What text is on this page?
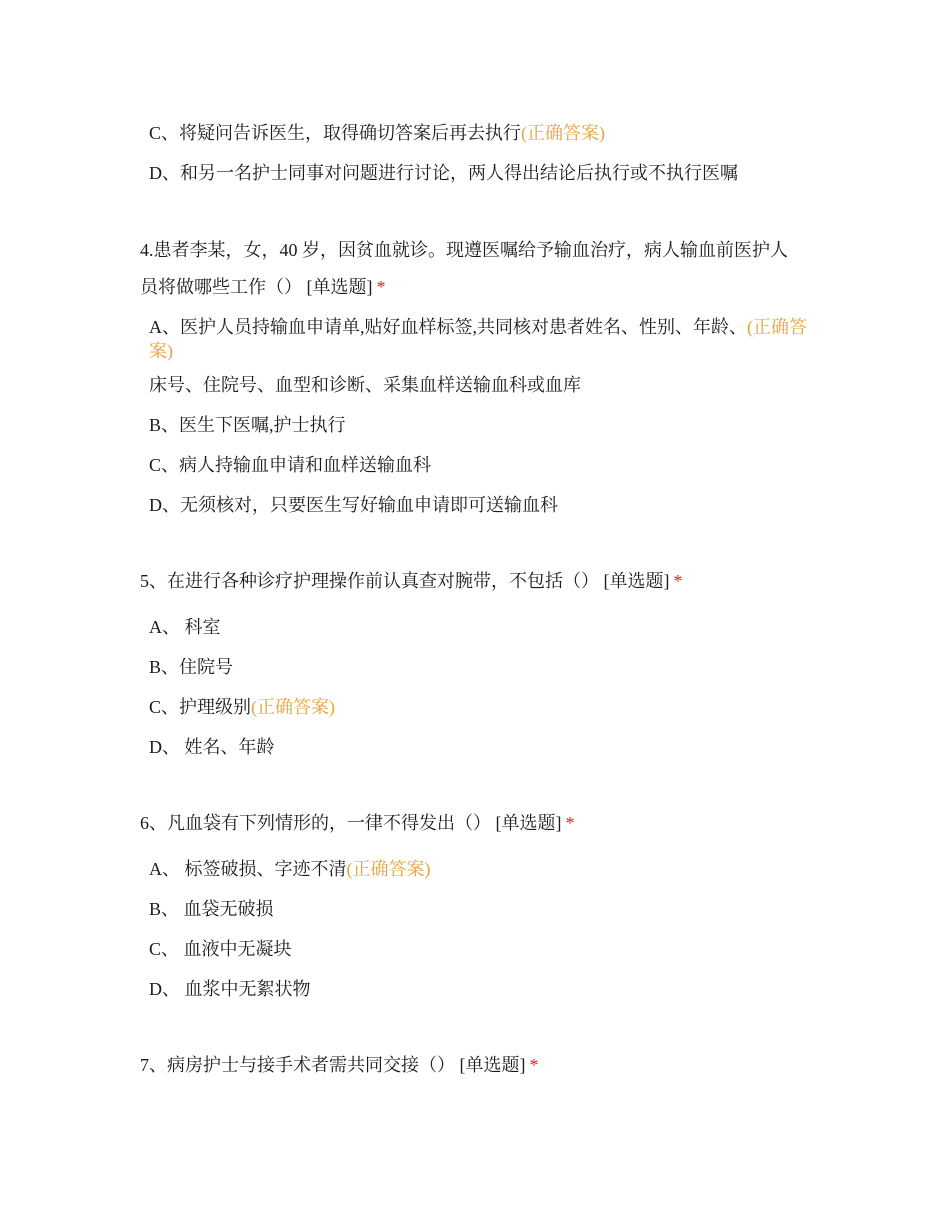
C、将疑问告诉医生，取得确切答案后再去执行(正确答案)
D、和另一名护士同事对问题进行讨论，两人得出结论后执行或不执行医嘱
4.患者李某，女，40 岁，因贫血就诊。现遵医嘱给予输血治疗，病人输血前医护人
员将做哪些工作（） [单选题] *
A、医护人员持输血申请单,贴好血样标签,共同核对患者姓名、性别、年龄、(正确答案)
床号、住院号、血型和诊断、采集血样送输血科或血库
B、医生下医嘱,护士执行
C、病人持输血申请和血样送输血科
D、无须核对，只要医生写好输血申请即可送输血科
5、在进行各种诊疗护理操作前认真查对腕带，不包括（） [单选题] *
A、 科室
B、住院号
C、护理级别(正确答案)
D、 姓名、年龄
6、凡血袋有下列情形的，一律不得发出（） [单选题] *
A、 标签破损、字迹不清(正确答案)
B、 血袋无破损
C、 血液中无凝块
D、 血浆中无絮状物
7、病房护士与接手术者需共同交接（） [单选题] *
